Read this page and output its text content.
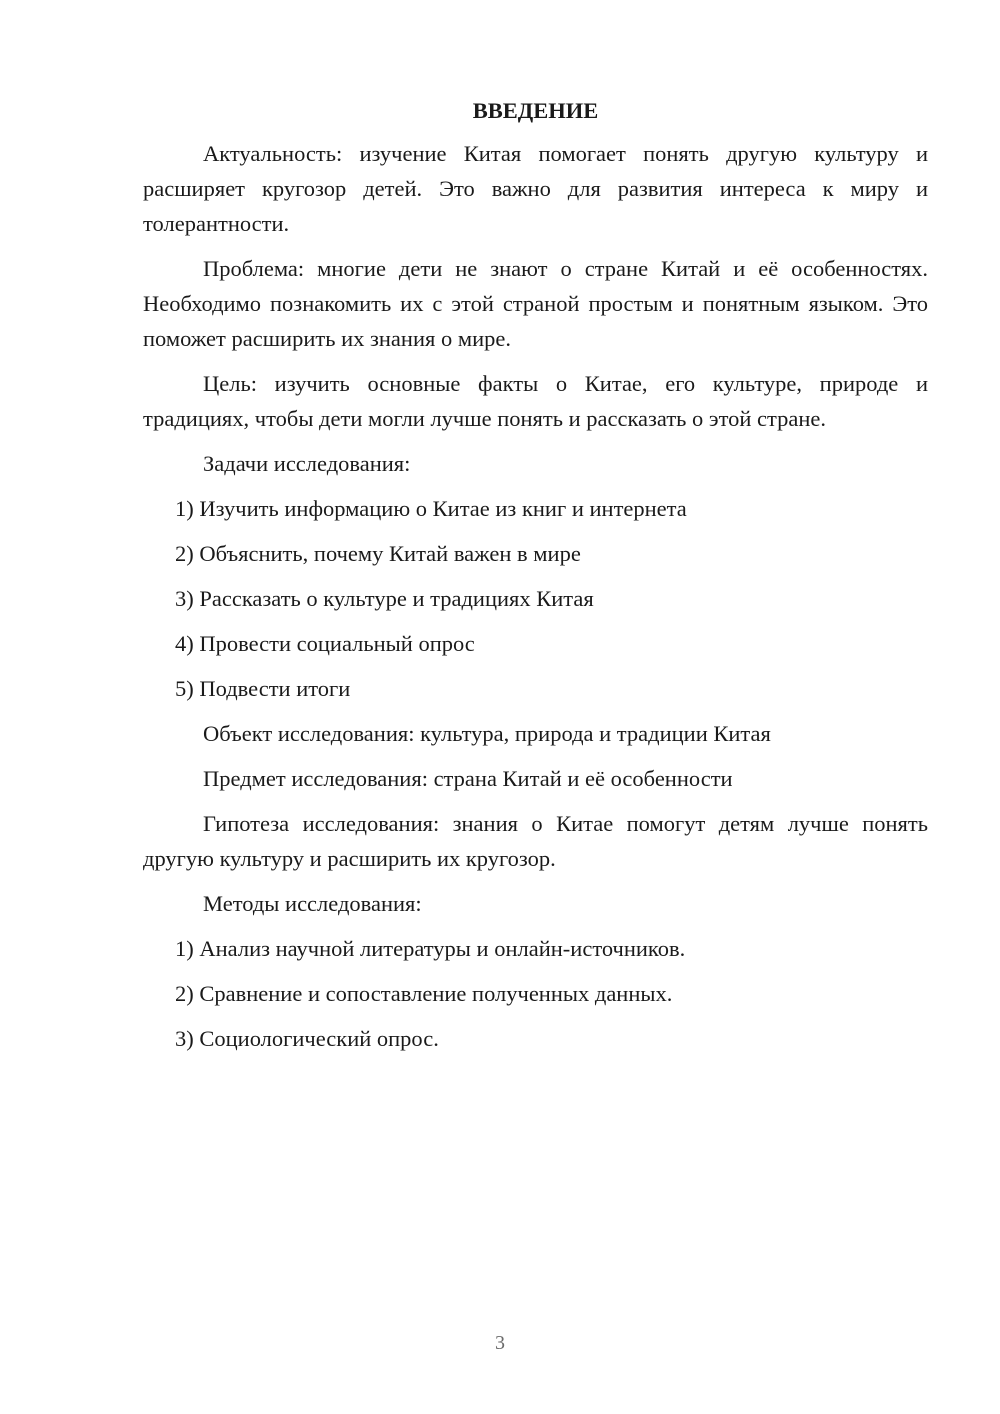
ВВЕДЕНИЕ

Актуальность: изучение Китая помогает понять другую культуру и расширяет кругозор детей. Это важно для развития интереса к миру и толерантности.

Проблема: многие дети не знают о стране Китай и её особенностях. Необходимо познакомить их с этой страной простым и понятным языком. Это поможет расширить их знания о мире.

Цель: изучить основные факты о Китае, его культуре, природе и традициях, чтобы дети могли лучше понять и рассказать о этой стране.

Задачи исследования:

1) Изучить информацию о Китае из книг и интернета
2) Объяснить, почему Китай важен в мире
3) Рассказать о культуре и традициях Китая
4) Провести социальный опрос
5) Подвести итоги

Объект исследования: культура, природа и традиции Китая

Предмет исследования: страна Китай и её особенности

Гипотеза исследования: знания о Китае помогут детям лучше понять другую культуру и расширить их кругозор.

Методы исследования:

1) Анализ научной литературы и онлайн-источников.
2) Сравнение и сопоставление полученных данных.
3) Социологический опрос.
3
